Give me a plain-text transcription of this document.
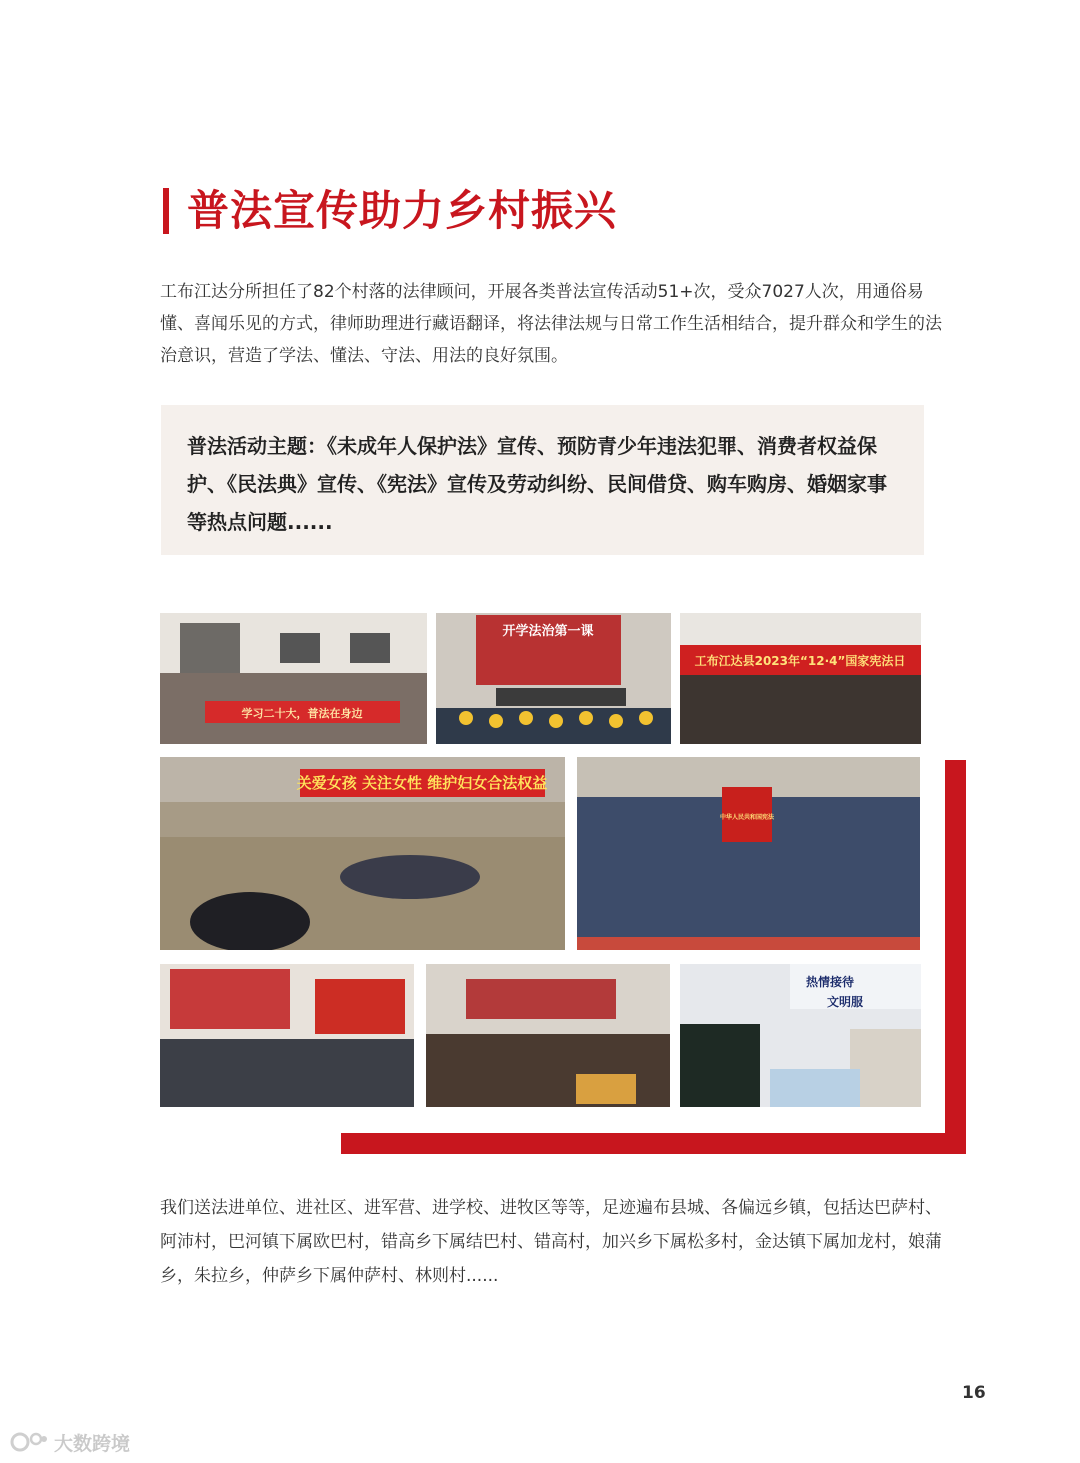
普法宣传助力乡村振兴

工布江达分所担任了82个村落的法律顾问，开展各类普法宣传活动51+次，受众7027人次，用通俗易懂、喜闻乐见的方式，律师助理进行藏语翻译，将法律法规与日常工作生活相结合，提升群众和学生的法治意识，营造了学法、懂法、守法、用法的良好氛围。

普法活动主题：《未成年人保护法》宣传、预防青少年违法犯罪、消费者权益保护、《民法典》宣传、《宪法》宣传及劳动纠纷、民间借贷、购车购房、婚姻家事等热点问题......

学习二十大，普法在身边
开学法治第一课
工布江达县2023年“12·4”国家宪法日
关爱女孩 关注女性 维护妇女合法权益
中华人民共和国宪法
热情接待
文明服

我们送法进单位、进社区、进军营、进学校、进牧区等等，足迹遍布县城、各偏远乡镇，包括达巴萨村、阿沛村，巴河镇下属欧巴村，错高乡下属结巴村、错高村，加兴乡下属松多村，金达镇下属加龙村，娘蒲乡，朱拉乡，仲萨乡下属仲萨村、林则村......

16
大数跨境
